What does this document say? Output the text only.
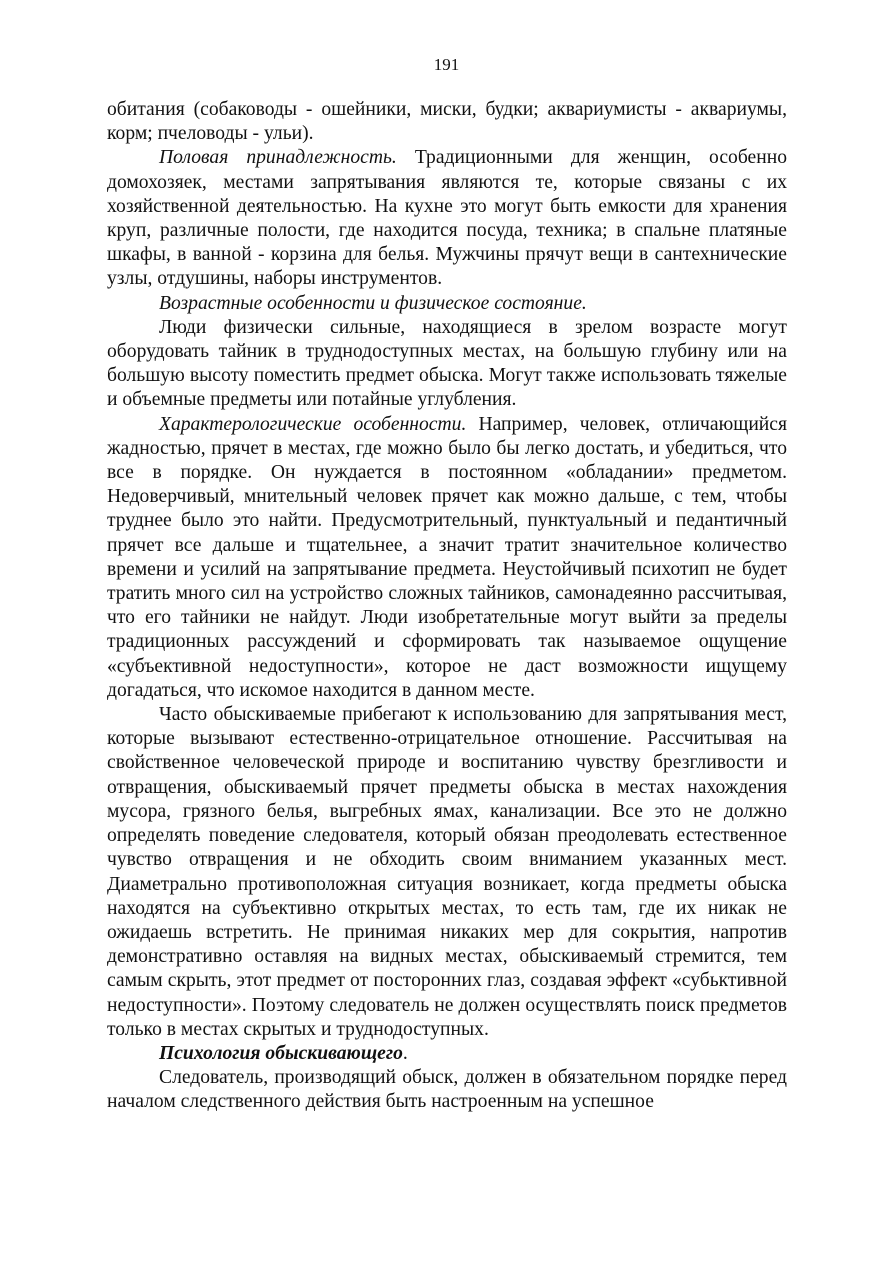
191

обитания (собаководы - ошейники, миски, будки; аквариумисты - аквариумы, корм; пчеловоды - ульи).

Половая принадлежность. Традиционными для женщин, особенно домохозяек, местами запрятывания являются те, которые связаны с их хозяйственной деятельностью. На кухне это могут быть емкости для хранения круп, различные полости, где находится посуда, техника; в спальне платяные шкафы, в ванной - корзина для белья. Мужчины прячут вещи в сантехнические узлы, отдушины, наборы инструментов.

Возрастные особенности и физическое состояние.

Люди физически сильные, находящиеся в зрелом возрасте могут оборудовать тайник в труднодоступных местах, на большую глубину или на большую высоту поместить предмет обыска. Могут также использовать тяжелые и объемные предметы или потайные углубления.

Характерологические особенности. Например, человек, отличающийся жадностью, прячет в местах, где можно было бы легко достать, и убедиться, что все в порядке. Он нуждается в постоянном «обладании» предметом. Недоверчивый, мнительный человек прячет как можно дальше, с тем, чтобы труднее было это найти. Предусмотрительный, пунктуальный и педантичный прячет все дальше и тщательнее, а значит тратит значительное количество времени и усилий на запрятывание предмета. Неустойчивый психотип не будет тратить много сил на устройство сложных тайников, самонадеянно рассчитывая, что его тайники не найдут. Люди изобретательные могут выйти за пределы традиционных рассуждений и сформировать так называемое ощущение «субъективной недоступности», которое не даст возможности ищущему догадаться, что искомое находится в данном месте.

Часто обыскиваемые прибегают к использованию для запрятывания мест, которые вызывают естественно-отрицательное отношение. Рассчитывая на свойственное человеческой природе и воспитанию чувству брезгливости и отвращения, обыскиваемый прячет предметы обыска в местах нахождения мусора, грязного белья, выгребных ямах, канализации. Все это не должно определять поведение следователя, который обязан преодолевать естественное чувство отвращения и не обходить своим вниманием указанных мест. Диаметрально противоположная ситуация возникает, когда предметы обыска находятся на субъективно открытых местах, то есть там, где их никак не ожидаешь встретить. Не принимая никаких мер для сокрытия, напротив демонстративно оставляя на видных местах, обыскиваемый стремится, тем самым скрыть, этот предмет от посторонних глаз, создавая эффект «субьктивной недоступности». Поэтому следователь не должен осуществлять поиск предметов только в местах скрытых и труднодоступных.

Психология обыскивающего.

Следователь, производящий обыск, должен в обязательном порядке перед началом следственного действия быть настроенным на успешное
